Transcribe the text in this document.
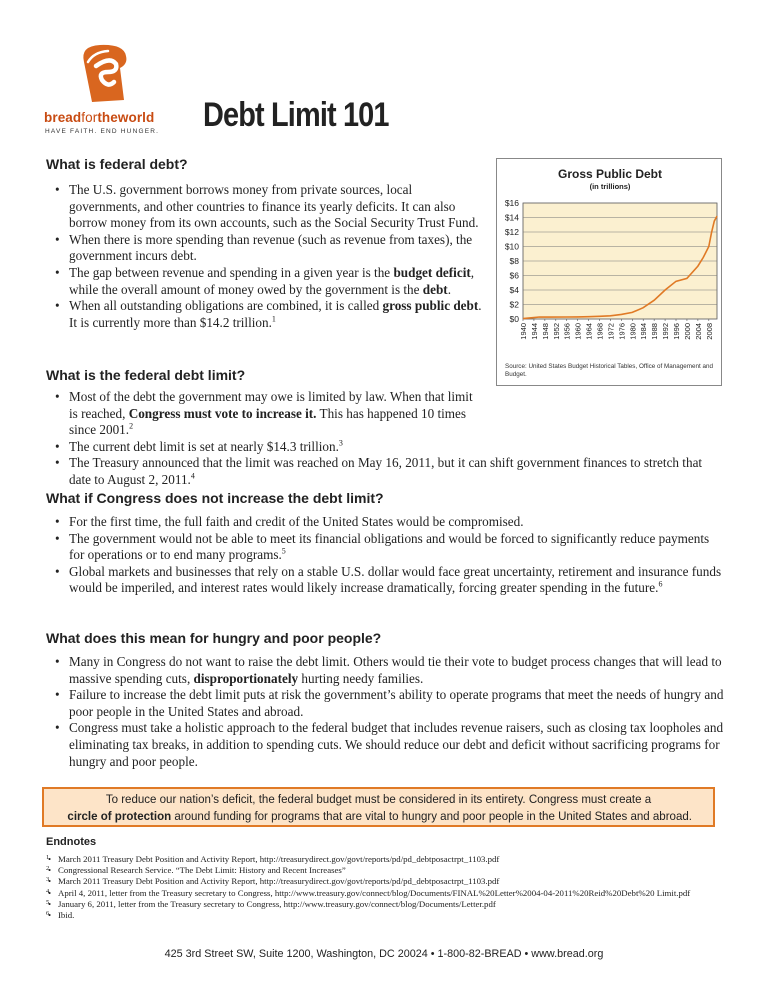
breadfortheworld
HAVE FAITH. END HUNGER. Debt Limit 101
What is federal debt?
• The U.S. government borrows money from private sources, local governments, and other countries to finance its yearly deficits. It can also borrow money from its own accounts, such as the Social Security Trust Fund.
• When there is more spending than revenue (such as revenue from taxes), the government incurs debt.
• The gap between revenue and spending in a given year is the budget deficit, while the overall amount of money owed by the government is the debt.
• When all outstanding obligations are combined, it is called gross public debt. It is currently more than $14.2 trillion.$^1$
Gross Public Debt
(in trillions)
$0
$2
$4
$6
$8
$10
$12
$14
$16
1940 1944 1948 1952 1956 1960 1964 1968 1972 1976 1980 1984 1988 1992 1996 2000 2004 2008
Source: United States Budget Historical Tables, Office of Management and Budget.
What is the federal debt limit?
• Most of the debt the government may owe is limited by law. When that limit is reached, Congress must vote to increase it. This has happened 10 times since 2001.$^2$
• The current debt limit is set at nearly $14.3 trillion.$^3$
• The Treasury announced that the limit was reached on May 16, 2011, but it can shift government finances to stretch that date to August 2, 2011.$^4$
What if Congress does not increase the debt limit?
• For the first time, the full faith and credit of the United States would be compromised.
• The government would not be able to meet its financial obligations and would be forced to significantly reduce payments for operations or to end many programs.$^5$
• Global markets and businesses that rely on a stable U.S. dollar would face great uncertainty, retirement and insurance funds would be imperiled, and interest rates would likely increase dramatically, forcing greater spending in the future.$^6$
What does this mean for hungry and poor people?
• Many in Congress do not want to raise the debt limit. Others would tie their vote to budget process changes that will lead to massive spending cuts, disproportionately hurting needy families.
• Failure to increase the debt limit puts at risk the government’s ability to operate programs that meet the needs of hungry and poor people in the United States and abroad.
• Congress must take a holistic approach to the federal budget that includes revenue raisers, such as closing tax loopholes and eliminating tax breaks, in addition to spending cuts. We should reduce our debt and deficit without sacrificing programs for hungry and poor people.
To reduce our nation’s deficit, the federal budget must be considered in its entirety. Congress must create a
circle of protection around funding for programs that are vital to hungry and poor people in the United States and abroad.
Endnotes
• 1 March 2011 Treasury Debt Position and Activity Report, http://treasurydirect.gov/govt/reports/pd/pd_debtposactrpt_1103.pdf
• 2 Congressional Research Service. “The Debt Limit: History and Recent Increases”
• 3 March 2011 Treasury Debt Position and Activity Report, http://treasurydirect.gov/govt/reports/pd/pd_debtposactrpt_1103.pdf
• 4 April 4, 2011, letter from the Treasury secretary to Congress, http://www.treasury.gov/connect/blog/Documents/FINAL%20Letter%2004-04-2011%20Reid%20Debt%20 Limit.pdf
• 5 January 6, 2011, letter from the Treasury secretary to Congress, http://www.treasury.gov/connect/blog/Documents/Letter.pdf
• 6 Ibid.
425 3rd Street SW, Suite 1200, Washington, DC 20024 • 1-800-82-BREAD • www.bread.org
